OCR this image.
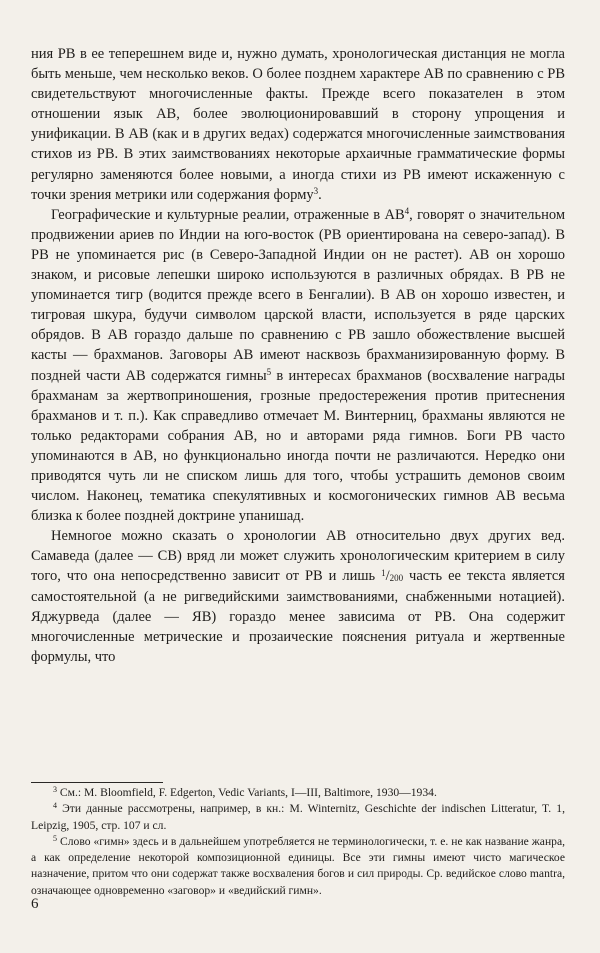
ния РВ в ее теперешнем виде и, нужно думать, хронологическая дистанция не могла быть меньше, чем несколько веков. О более позднем характере АВ по сравнению с РВ свидетельствуют многочисленные факты. Прежде всего показателен в этом отношении язык АВ, более эволюционировавший в сторону упрощения и унификации. В АВ (как и в других ведах) содержатся многочисленные заимствования стихов из РВ. В этих заимствованиях некоторые архаичные грамматические формы регулярно заменяются более новыми, а иногда стихи из РВ имеют искаженную с точки зрения метрики или содержания форму$^3$.

Географические и культурные реалии, отраженные в $АВ^4$, говорят о значительном продвижении ариев по Индии на юго-восток (РВ ориентирована на северо-запад). В РВ не упоминается рис (в Северо-Западной Индии он не растет). АВ он хорошо знаком, и рисовые лепешки широко используются в различных обрядах. В РВ не упоминается тигр (водится прежде всего в Бенгалии). В АВ он хорошо известен, и тигровая шкура, будучи символом царской власти, используется в ряде царских обрядов. В АВ гораздо дальше по сравнению с РВ зашло обожествление высшей касты — брахманов. Заговоры АВ имеют насквозь брахманизированную форму. В поздней части АВ содержатся гимны$^5$ в интересах брахманов (восхваление награды брахманам за жертвоприношения, грозные предостережения против притеснения брахманов и т. п.). Как справедливо отмечает М. Винтерниц, брахманы являются не только редакторами собрания АВ, но и авторами ряда гимнов. Боги РВ часто упоминаются в АВ, но функционально иногда почти не различаются. Нередко они приводятся чуть ли не списком лишь для того, чтобы устрашить демонов своим числом. Наконец, тематика спекулятивных и космогонических гимнов АВ весьма близка к более поздней доктрине упанишад.

Немногое можно сказать о хронологии АВ относительно двух других вед. Самаведа (далее — СВ) вряд ли может служить хронологическим критерием в силу того, что она непосредственно зависит от РВ и лишь $^1/_{200}$ часть ее текста является самостоятельной (а не ригведийскими заимствованиями, снабженными нотацией). Яджурведа (далее — ЯВ) гораздо менее зависима от РВ. Она содержит многочисленные метрические и прозаические пояснения ритуала и жертвенные формулы, что

$^3$ См.: M. Bloomfield, F. Edgerton, Vedic Variants, I—III, Baltimore, 1930—1934.

$^4$ Эти данные рассмотрены, например, в кн.: M. Winternitz, Geschichte der indischen Litteratur, T. 1, Leipzig, 1905, стр. 107 и сл.

$^5$ Слово «гимн» здесь и в дальнейшем употребляется не терминологически, т. е. не как название жанра, а как определение некоторой композиционной единицы. Все эти гимны имеют чисто магическое назначение, притом что они содержат также восхваления богов и сил природы. Ср. ведийское слово mantra, означающее одновременно «заговор» и «ведийский гимн».

6
